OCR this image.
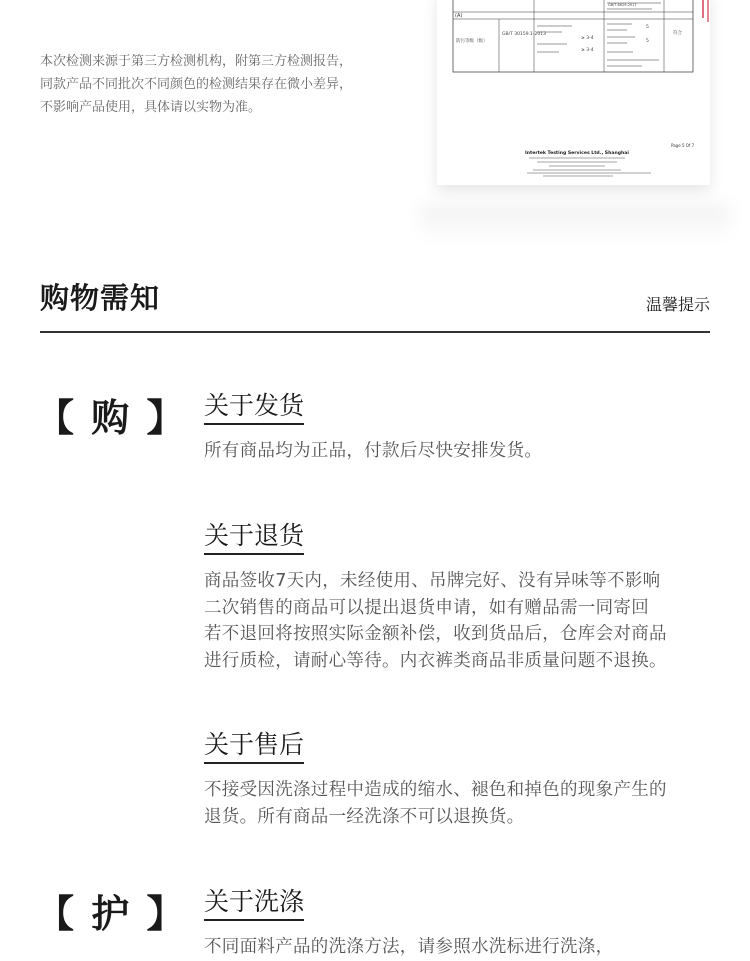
本次检测来源于第三方检测机构，附第三方检测报告，

同款产品不同批次不同颜色的检测结果存在微小差异，

不影响产品使用，具体请以实物为准。

(A)
防污等级（级）
GB/T 30159.1-2013
≥ 3-4
≥ 3-4
5
5
符合
GB/T 8629-2017
Page 5 Of 7
Intertek Testing Services Ltd., Shanghai
购物需知	温馨提示
【 购 】
【 护 】
关于发货

所有商品均为正品，付款后尽快安排发货。

关于退货

商品签收7天内，未经使用、吊牌完好、没有异味等不影响

二次销售的商品可以提出退货申请，如有赠品需一同寄回

若不退回将按照实际金额补偿，收到货品后，仓库会对商品

进行质检，请耐心等待。内衣裤类商品非质量问题不退换。

关于售后

不接受因洗涤过程中造成的缩水、褪色和掉色的现象产生的

退货。所有商品一经洗涤不可以退换货。

关于洗涤

不同面料产品的洗涤方法，请参照水洗标进行洗涤，
